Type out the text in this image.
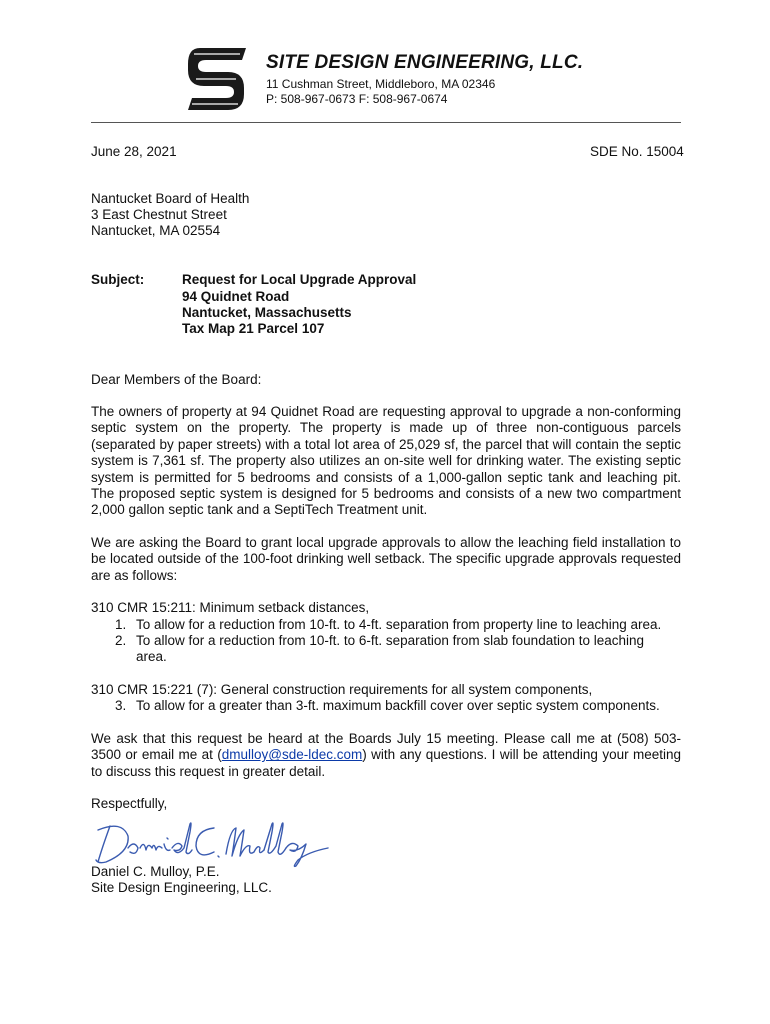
SITE DESIGN ENGINEERING, LLC.
11 Cushman Street, Middleboro, MA 02346
P: 508-967-0673 F: 508-967-0674
June 28, 2021	SDE No. 15004
Nantucket Board of Health
3 East Chestnut Street
Nantucket, MA 02554
Subject:	Request for Local Upgrade Approval
94 Quidnet Road
Nantucket, Massachusetts
Tax Map 21 Parcel 107
Dear Members of the Board:
The owners of property at 94 Quidnet Road are requesting approval to upgrade a non-conforming septic system on the property. The property is made up of three non-contiguous parcels (separated by paper streets) with a total lot area of 25,029 sf, the parcel that will contain the septic system is 7,361 sf. The property also utilizes an on-site well for drinking water. The existing septic system is permitted for 5 bedrooms and consists of a 1,000-gallon septic tank and leaching pit. The proposed septic system is designed for 5 bedrooms and consists of a new two compartment 2,000 gallon septic tank and a SeptiTech Treatment unit.
We are asking the Board to grant local upgrade approvals to allow the leaching field installation to be located outside of the 100-foot drinking well setback. The specific upgrade approvals requested are as follows:
310 CMR 15:211: Minimum setback distances,
1. To allow for a reduction from 10-ft. to 4-ft. separation from property line to leaching area.
2. To allow for a reduction from 10-ft. to 6-ft. separation from slab foundation to leaching area.
310 CMR 15:221 (7): General construction requirements for all system components,
3. To allow for a greater than 3-ft. maximum backfill cover over septic system components.
We ask that this request be heard at the Boards July 15 meeting. Please call me at (508) 503-3500 or email me at (dmulloy@sde-ldec.com) with any questions. I will be attending your meeting to discuss this request in greater detail.
Respectfully,
Daniel C. Mulloy, P.E.
Site Design Engineering, LLC.
